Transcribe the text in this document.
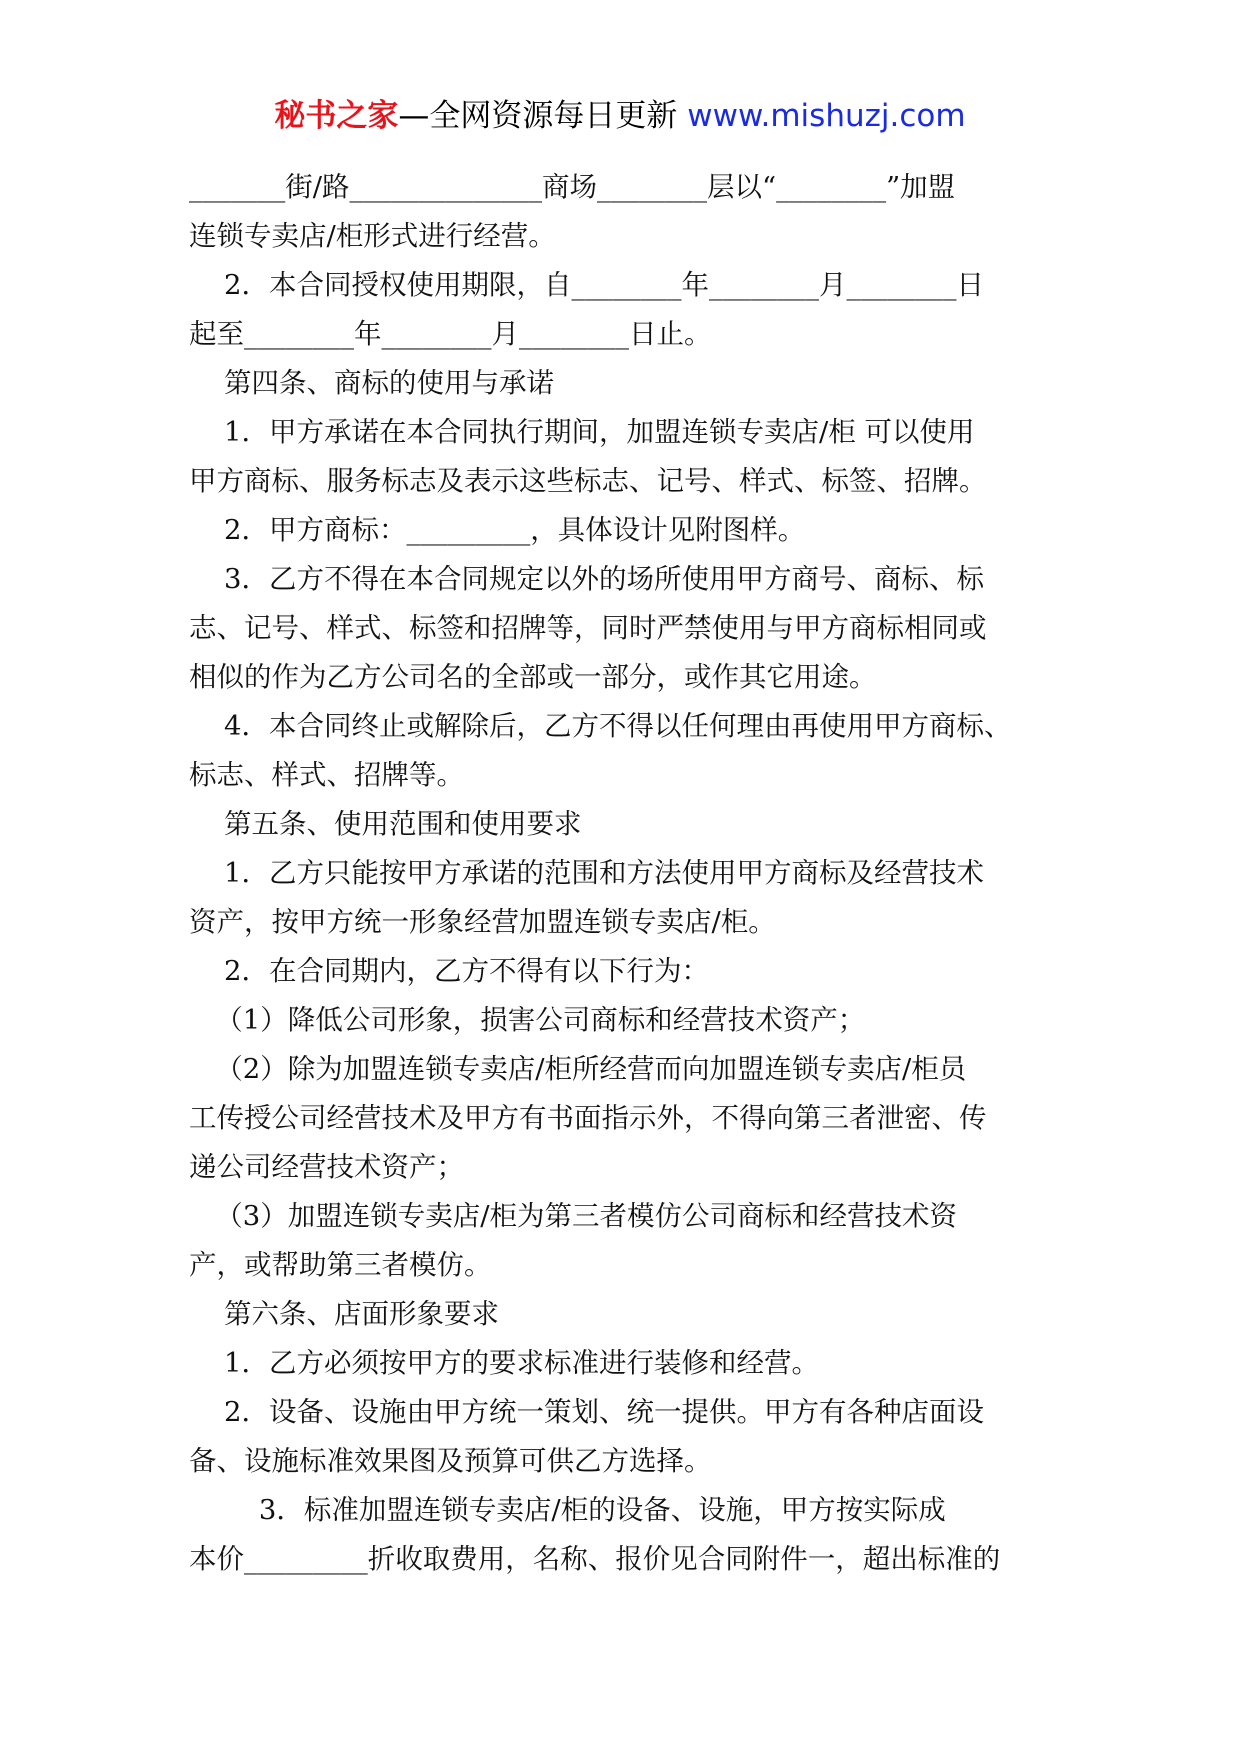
秘书之家—全网资源每日更新 www.mishuzj.com
_______街/路______________商场________层以“________”加盟
连锁专卖店/柜形式进行经营。
2．本合同授权使用期限，自________年________月________日
起至________年________月________日止。
第四条、商标的使用与承诺
1．甲方承诺在本合同执行期间，加盟连锁专卖店/柜 可以使用
甲方商标、服务标志及表示这些标志、记号、样式、标签、招牌。
2．甲方商标：_________，具体设计见附图样。
3．乙方不得在本合同规定以外的场所使用甲方商号、商标、标
志、记号、样式、标签和招牌等，同时严禁使用与甲方商标相同或
相似的作为乙方公司名的全部或一部分，或作其它用途。
4．本合同终止或解除后，乙方不得以任何理由再使用甲方商标、
标志、样式、招牌等。
第五条、使用范围和使用要求
1．乙方只能按甲方承诺的范围和方法使用甲方商标及经营技术
资产，按甲方统一形象经营加盟连锁专卖店/柜。
2．在合同期内，乙方不得有以下行为：
（1）降低公司形象，损害公司商标和经营技术资产；
（2）除为加盟连锁专卖店/柜所经营而向加盟连锁专卖店/柜员
工传授公司经营技术及甲方有书面指示外，不得向第三者泄密、传
递公司经营技术资产；
（3）加盟连锁专卖店/柜为第三者模仿公司商标和经营技术资
产，或帮助第三者模仿。
第六条、店面形象要求
1．乙方必须按甲方的要求标准进行装修和经营。
2．设备、设施由甲方统一策划、统一提供。甲方有各种店面设
备、设施标准效果图及预算可供乙方选择。
3．标准加盟连锁专卖店/柜的设备、设施，甲方按实际成
本价_________折收取费用，名称、报价见合同附件一，超出标准的
